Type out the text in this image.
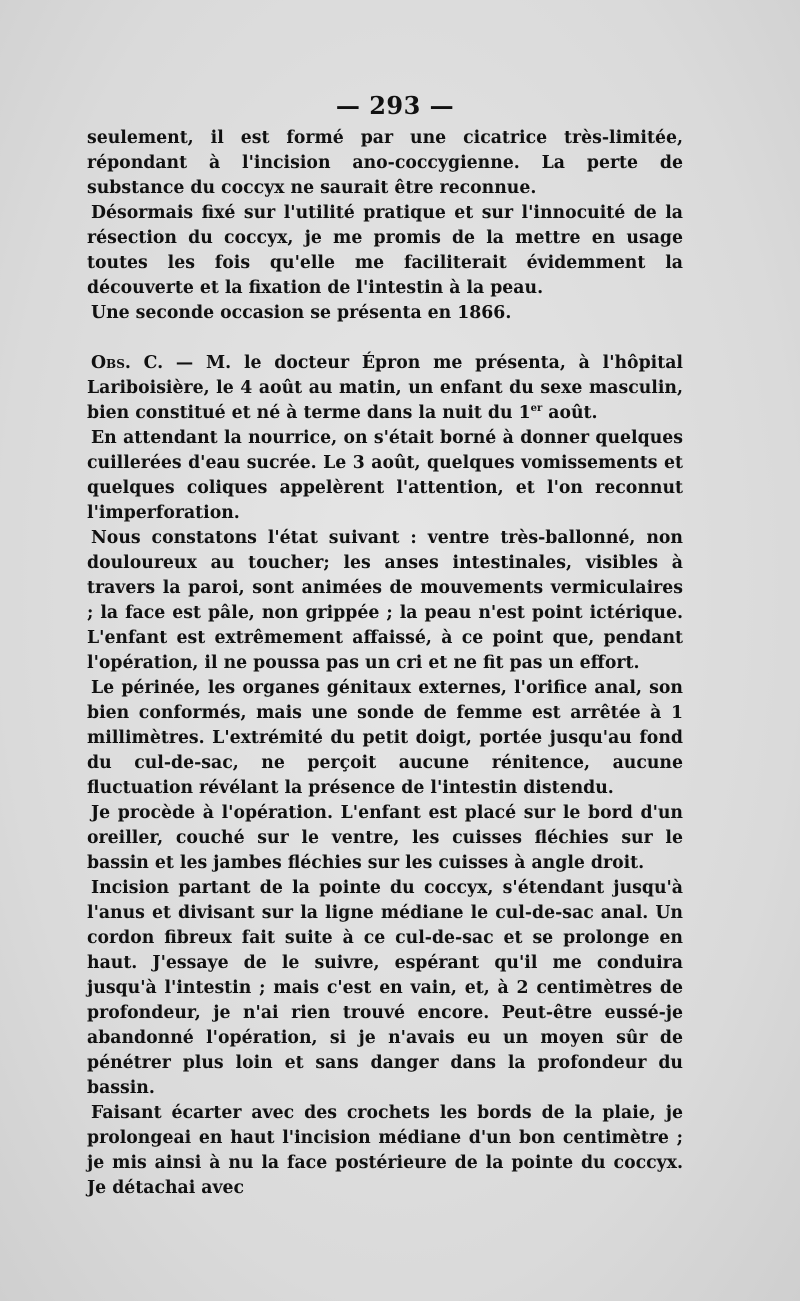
— 293 —

seulement, il est formé par une cicatrice très-limitée, répondant à l'incision ano-coccygienne. La perte de substance du coccyx ne saurait être reconnue.

Désormais fixé sur l'utilité pratique et sur l'innocuité de la résection du coccyx, je me promis de la mettre en usage toutes les fois qu'elle me faciliterait évidemment la découverte et la fixation de l'intestin à la peau.

Une seconde occasion se présenta en 1866.

Obs. C. — M. le docteur Épron me présenta, à l'hôpital Lariboisière, le 4 août au matin, un enfant du sexe masculin, bien constitué et né à terme dans la nuit du 1er août.

En attendant la nourrice, on s'était borné à donner quelques cuillerées d'eau sucrée. Le 3 août, quelques vomissements et quelques coliques appelèrent l'attention, et l'on reconnut l'imperforation.

Nous constatons l'état suivant : ventre très-ballonné, non douloureux au toucher; les anses intestinales, visibles à travers la paroi, sont animées de mouvements vermiculaires ; la face est pâle, non grippée ; la peau n'est point ictérique. L'enfant est extrêmement affaissé, à ce point que, pendant l'opération, il ne poussa pas un cri et ne fit pas un effort.

Le périnée, les organes génitaux externes, l'orifice anal, son bien conformés, mais une sonde de femme est arrêtée à 1 millimètres. L'extrémité du petit doigt, portée jusqu'au fond du cul-de-sac, ne perçoit aucune rénitence, aucune fluctuation révélant la présence de l'intestin distendu.

Je procède à l'opération. L'enfant est placé sur le bord d'un oreiller, couché sur le ventre, les cuisses fléchies sur le bassin et les jambes fléchies sur les cuisses à angle droit.

Incision partant de la pointe du coccyx, s'étendant jusqu'à l'anus et divisant sur la ligne médiane le cul-de-sac anal. Un cordon fibreux fait suite à ce cul-de-sac et se prolonge en haut. J'essaye de le suivre, espérant qu'il me conduira jusqu'à l'intestin ; mais c'est en vain, et, à 2 centimètres de profondeur, je n'ai rien trouvé encore. Peut-être eussé-je abandonné l'opération, si je n'avais eu un moyen sûr de pénétrer plus loin et sans danger dans la profondeur du bassin.

Faisant écarter avec des crochets les bords de la plaie, je prolongeai en haut l'incision médiane d'un bon centimètre ; je mis ainsi à nu la face postérieure de la pointe du coccyx. Je détachai avec
